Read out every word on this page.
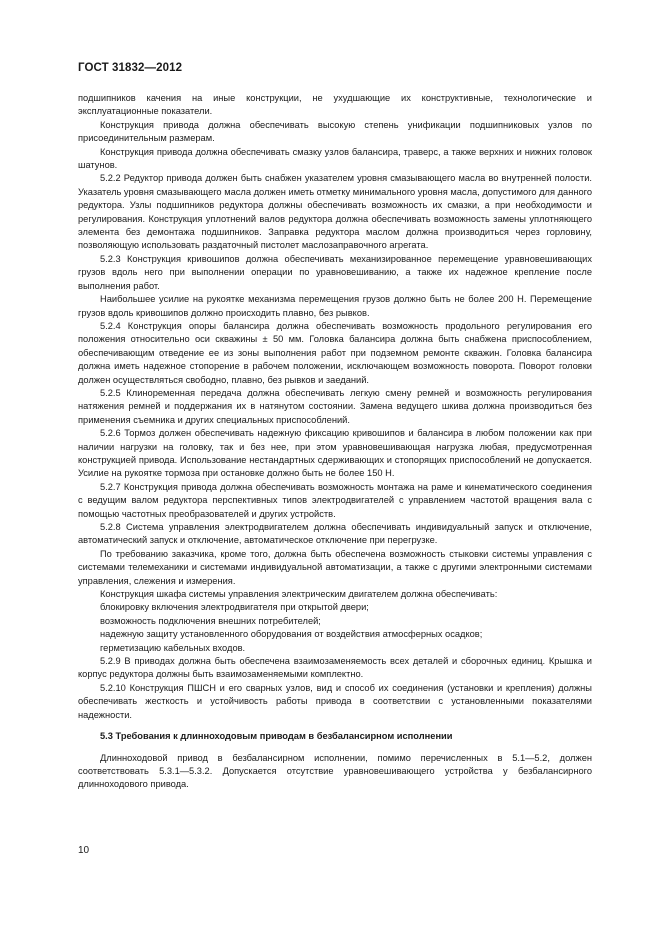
ГОСТ 31832—2012

подшипников качения на иные конструкции, не ухудшающие их конструктивные, технологические и эксплуатационные показатели.

Конструкция привода должна обеспечивать высокую степень унификации подшипниковых узлов по присоединительным размерам.

Конструкция привода должна обеспечивать смазку узлов балансира, траверс, а также верхних и нижних головок шатунов.

5.2.2 Редуктор привода должен быть снабжен указателем уровня смазывающего масла во внутренней полости. Указатель уровня смазывающего масла должен иметь отметку минимального уровня масла, допустимого для данного редуктора. Узлы подшипников редуктора должны обеспечивать возможность их смазки, а при необходимости и регулирования. Конструкция уплотнений валов редуктора должна обеспечивать возможность замены уплотняющего элемента без демонтажа подшипников. Заправка редуктора маслом должна производиться через горловину, позволяющую использовать раздаточный пистолет маслозаправочного агрегата.

5.2.3 Конструкция кривошипов должна обеспечивать механизированное перемещение уравновешивающих грузов вдоль него при выполнении операции по уравновешиванию, а также их надежное крепление после выполнения работ.

Наибольшее усилие на рукоятке механизма перемещения грузов должно быть не более 200 Н. Перемещение грузов вдоль кривошипов должно происходить плавно, без рывков.

5.2.4 Конструкция опоры балансира должна обеспечивать возможность продольного регулирования его положения относительно оси скважины ± 50 мм. Головка балансира должна быть снабжена приспособлением, обеспечивающим отведение ее из зоны выполнения работ при подземном ремонте скважин. Головка балансира должна иметь надежное стопорение в рабочем положении, исключающем возможность поворота. Поворот головки должен осуществляться свободно, плавно, без рывков и заеданий.

5.2.5 Клиноременная передача должна обеспечивать легкую смену ремней и возможность регулирования натяжения ремней и поддержания их в натянутом состоянии. Замена ведущего шкива должна производиться без применения съемника и других специальных приспособлений.

5.2.6 Тормоз должен обеспечивать надежную фиксацию кривошипов и балансира в любом положении как при наличии нагрузки на головку, так и без нее, при этом уравновешивающая нагрузка любая, предусмотренная конструкцией привода. Использование нестандартных сдерживающих и стопорящих приспособлений не допускается. Усилие на рукоятке тормоза при остановке должно быть не более 150 Н.

5.2.7 Конструкция привода должна обеспечивать возможность монтажа на раме и кинематического соединения с ведущим валом редуктора перспективных типов электродвигателей с управлением частотой вращения вала с помощью частотных преобразователей и других устройств.

5.2.8 Система управления электродвигателем должна обеспечивать индивидуальный запуск и отключение, автоматический запуск и отключение, автоматическое отключение при перегрузке.

По требованию заказчика, кроме того, должна быть обеспечена возможность стыковки системы управления с системами телемеханики и системами индивидуальной автоматизации, а также с другими электронными системами управления, слежения и измерения.

Конструкция шкафа системы управления электрическим двигателем должна обеспечивать:

блокировку включения электродвигателя при открытой двери;

возможность подключения внешних потребителей;

надежную защиту установленного оборудования от воздействия атмосферных осадков;

герметизацию кабельных входов.

5.2.9 В приводах должна быть обеспечена взаимозаменяемость всех деталей и сборочных единиц. Крышка и корпус редуктора должны быть взаимозаменяемыми комплектно.

5.2.10 Конструкция ПШСН и его сварных узлов, вид и способ их соединения (установки и крепления) должны обеспечивать жесткость и устойчивость работы привода в соответствии с установленными показателями надежности.

5.3 Требования к длинноходовым приводам в безбалансирном исполнении

Длинноходовой привод в безбалансирном исполнении, помимо перечисленных в 5.1—5.2, должен соответствовать 5.3.1—5.3.2. Допускается отсутствие уравновешивающего устройства у безбалансирного длинноходового привода.

10
